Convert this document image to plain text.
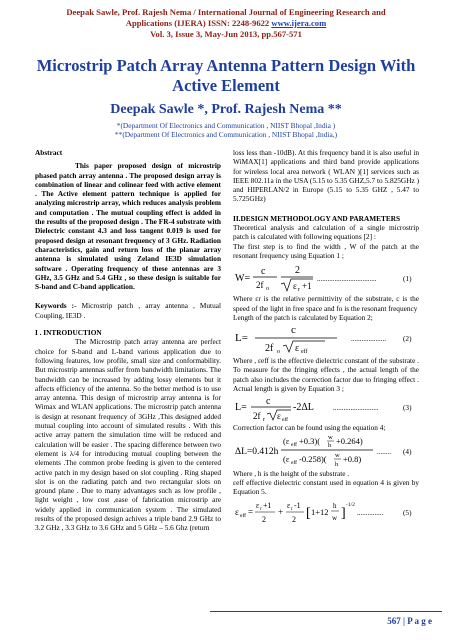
Deepak Sawle, Prof. Rajesh Nema / International Journal of Engineering Research and
Applications (IJERA) ISSN: 2248-9622 www.ijera.com
Vol. 3, Issue 3, May-Jun 2013, pp.567-571
Microstrip Patch Array Antenna Pattern Design With Active Element
Deepak Sawle *, Prof. Rajesh Nema **
*(Department Of Electronics and Communication , NIIST Bhopal ,India )
**(Department Of Electronics and Communication , NIIST Bhopal ,India,)
Abstract

This paper proposed design of microstrip phased patch array antenna . The proposed design array is combination of linear and colinear feed with active element . The Active element pattern technique is applied for analyzing microstrip array, which reduces analysis problem and computation . The mutual coupling effect is added in the results of the proposed design . The FR-4 substrate with Dielectric constant 4.3 and loss tangent 0.019 is used for proposed design at resonant frequency of 3 GHz. Radiation characteristics, gain and return loss of the planar array antenna is simulated using Zeland IE3D simulation software . Operating frequency of these antennas are 3 GHz, 3.5 GHz and 5.4 GHz , so these design is suitable for S-band and C-band application.

Keywords :- Microstrip patch , array antenna , Mutual Coupling, IE3D .

I . INTRODUCTION

The Microstrip patch array antenna are perfect choice for S-band and L-band various application due to following features, low profile, small size and conformability. But microstrip antennas suffer from bandwidth limitations. The bandwidth can be increased by adding lossy elements but it affects efficiency of the antenna. So the better method is to use array antenna. This design of microstrip array antenna is for Wimax and WLAN applications. The microstrip patch antenna is design at resonant frequency of 3GHz ,This designed added mutual coupling into account of simulated results . With this active array pattern the simulation time will be reduced and calculation will be easier . The spacing difference between two element is λ/4 for introducing mutual coupling between the elements .The common probe feeding is given to the centered active patch in my design based on slot coupling . Ring shaped slot is on the radiating patch and two rectangular slots on ground plane . Due to many advantages such as low profile , light weight , low cost ,ease of fabrication microstrip are widely applied in communication system . The simulated results of the proposed design achives a triple band 2.9 GHz to 3.2 GHz , 3.3 GHz to 3.6 GHz and 5 GHz – 5.6 Ghz (return

loss less than -10dB). At this frequency band it is also useful in WiMAX[1] applications and third band provide applications for wireless local area network ( WLAN )[1] services such as IEEE 802.11a in the USA (5.15 to 5.35 GHZ,5.7 to 5.825GHz ) and HIPERLAN/2 in Europe (5.15 to 5.35 GHZ , 5.47 to 5.725GHz)

II.DESIGN METHODOLOGY AND PARAMETERS

Theoretical analysis and calculation of a single microstrip patch is calculated with following equations [2] :

The first step is to find the width , W of the patch at the resonant frequency using Equation 1 ;

W=
c
2f o
2
ε r +1
..................................	(1)

Where εr is the relative permittivity of the substrate, c is the speed of the light in free space and fo is the resonant frequency

Length of the patch is calculated by Equation 2;

L=
c
2f o ε eff
.................... (2)

Where , εeff is the effective dielectric constant of the substrate . To measure for the fringing effects , the actual length of the patch also includes the correction factor due to fringing effect . Actual length is given by Equation 3 ;

L=
c
2f r ε eff
-2ΔL	..........................	(3)

Correction factor can be found using the equation 4;

ΔL=0.412h
(ε eff +0.3)( w
h +0.264)
(ε eff -0.258)( w
h
+0.8)
........ (4)

Where , h is the height of the substrate .

εeff effective dielectric constant used in equation 4 is given by Equation 5.

ε eff =
ε r +1
2
+
ε r -1
2 [ 1+12
h
w ]
-1/2
...............	(5)
567 | P a g e
